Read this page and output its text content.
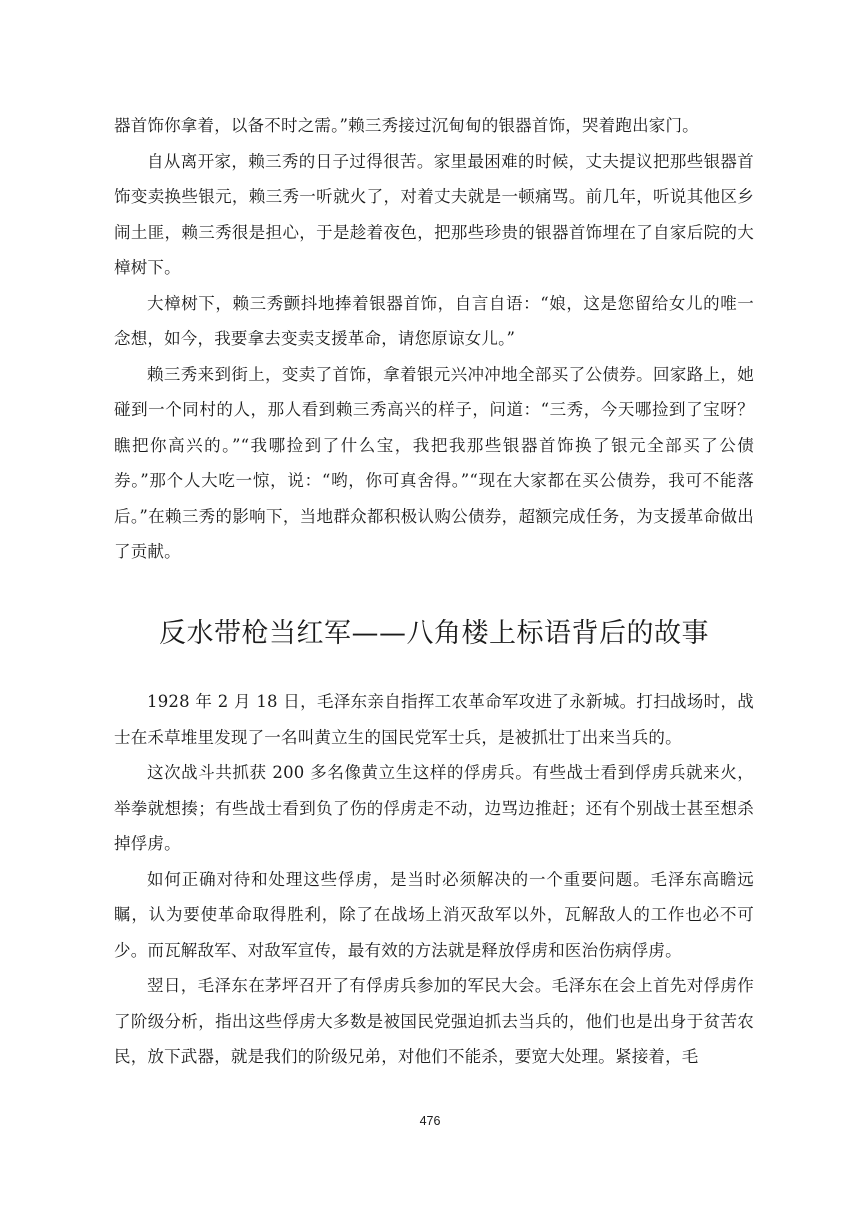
器首饰你拿着，以备不时之需。”赖三秀接过沉甸甸的银器首饰，哭着跑出家门。

自从离开家，赖三秀的日子过得很苦。家里最困难的时候，丈夫提议把那些银器首饰变卖换些银元，赖三秀一听就火了，对着丈夫就是一顿痛骂。前几年，听说其他区乡闹土匪，赖三秀很是担心，于是趁着夜色，把那些珍贵的银器首饰埋在了自家后院的大樟树下。

大樟树下，赖三秀颤抖地捧着银器首饰，自言自语：“娘，这是您留给女儿的唯一念想，如今，我要拿去变卖支援革命，请您原谅女儿。”

赖三秀来到街上，变卖了首饰，拿着银元兴冲冲地全部买了公债券。回家路上，她碰到一个同村的人，那人看到赖三秀高兴的样子，问道：“三秀，今天哪捡到了宝呀？瞧把你高兴的。”“我哪捡到了什么宝，我把我那些银器首饰换了银元全部买了公债券。”那个人大吃一惊，说：“哟，你可真舍得。”“现在大家都在买公债券，我可不能落后。”在赖三秀的影响下，当地群众都积极认购公债券，超额完成任务，为支援革命做出了贡献。

反水带枪当红军——八角楼上标语背后的故事

1928 年 2 月 18 日，毛泽东亲自指挥工农革命军攻进了永新城。打扫战场时，战士在禾草堆里发现了一名叫黄立生的国民党军士兵，是被抓壮丁出来当兵的。

这次战斗共抓获 200 多名像黄立生这样的俘虏兵。有些战士看到俘虏兵就来火，举拳就想揍；有些战士看到负了伤的俘虏走不动，边骂边推赶；还有个别战士甚至想杀掉俘虏。

如何正确对待和处理这些俘虏，是当时必须解决的一个重要问题。毛泽东高瞻远瞩，认为要使革命取得胜利，除了在战场上消灭敌军以外，瓦解敌人的工作也必不可少。而瓦解敌军、对敌军宣传，最有效的方法就是释放俘虏和医治伤病俘虏。

翌日，毛泽东在茅坪召开了有俘虏兵参加的军民大会。毛泽东在会上首先对俘虏作了阶级分析，指出这些俘虏大多数是被国民党强迫抓去当兵的，他们也是出身于贫苦农民，放下武器，就是我们的阶级兄弟，对他们不能杀，要宽大处理。紧接着，毛

476
